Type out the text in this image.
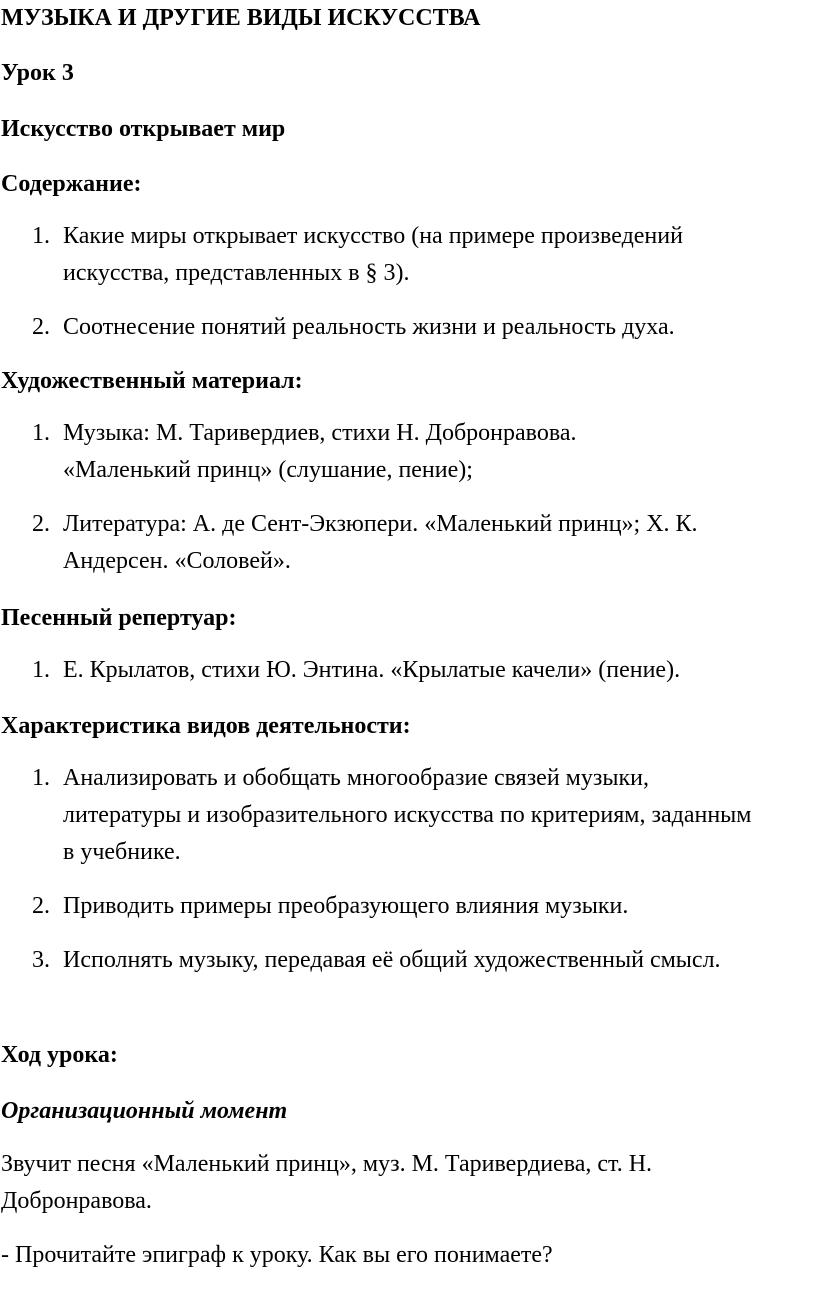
МУЗЫКА И ДРУГИЕ ВИДЫ ИСКУССТВА
Урок 3
Искусство открывает мир
Содержание:
1. Какие миры открывает искусство (на примере произведений искусства, представленных в § 3).
2. Соотнесение понятий реальность жизни и реальность духа.
Художественный материал:
1. Музыка: М. Таривердиев, стихи Н. Добронравова. «Маленький принц» (слушание, пение);
2. Литература: А. де Сент-Экзюпери. «Маленький принц»; Х. К. Андерсен. «Соловей».
Песенный репертуар:
1. Е. Крылатов, стихи Ю. Энтина. «Крылатые качели» (пение).
Характеристика видов деятельности:
1. Анализировать и обобщать многообразие связей музыки, литературы и изобразительного искусства по критериям, заданным в учебнике.
2. Приводить примеры преобразующего влияния музыки.
3. Исполнять музыку, передавая её общий художественный смысл.
Ход урока:
Организационный момент

Звучит песня «Маленький принц», муз. М. Таривердиева, ст. Н. Добронравова.

- Прочитайте эпиграф к уроку. Как вы его понимаете?
